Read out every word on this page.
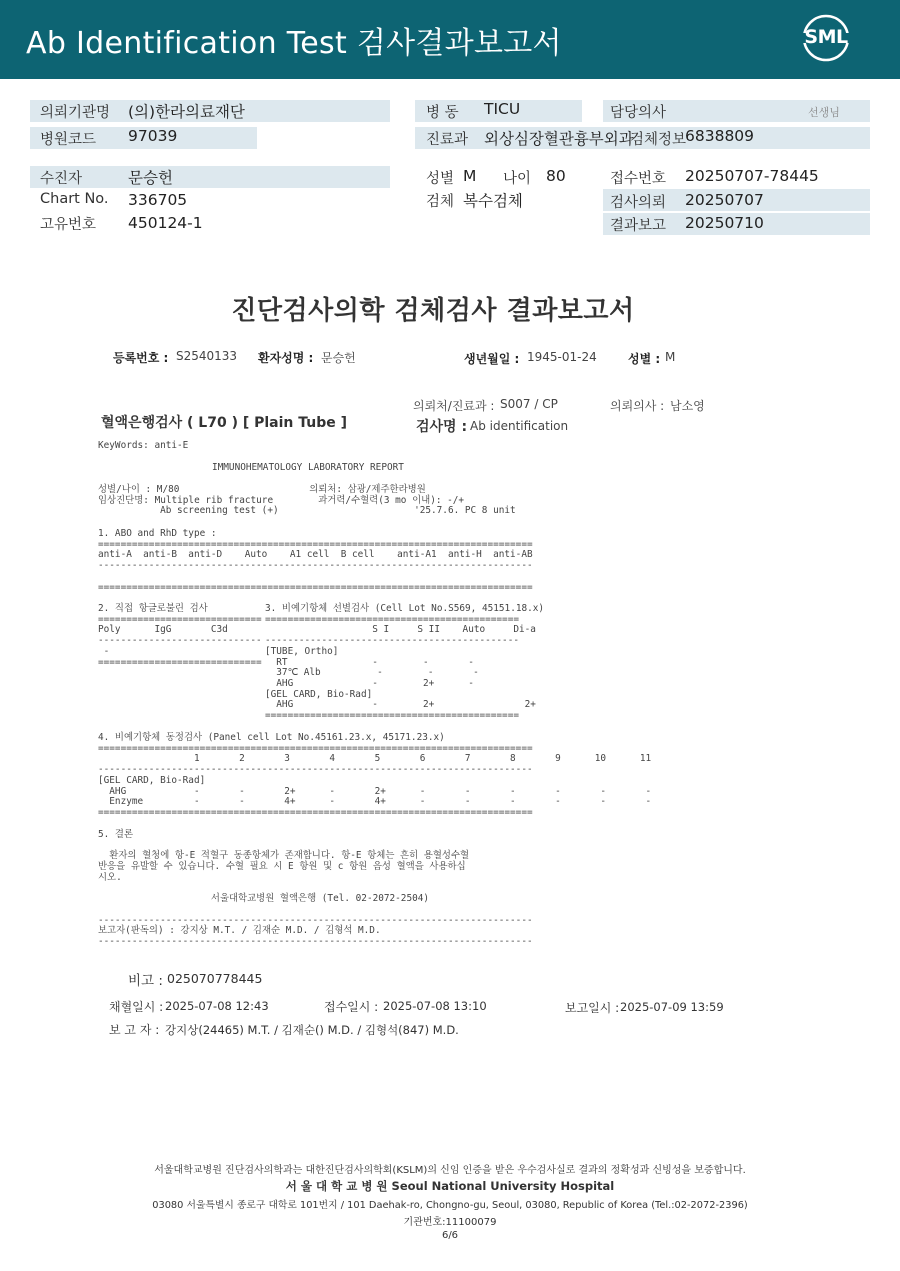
Ab Identification Test 검사결과보고서	SML
의뢰기관명 (의)한라의료재단
병원코드 97039
병 동 TICU
진료과 외상심장혈관흉부외과
담당의사	선생님
검체정보
6838809
수진자	문승헌
Chart No. 336705
고유번호 450124-1
성별 M 나이 80
검체 복수검체
접수번호 20250707-78445
검사의뢰 20250707
결과보고 20250710
진단검사의학 검체검사 결과보고서
등록번호 : S2540133 환자성명 : 문승헌	생년월일 : 1945-01-24	성별 : M
의뢰처/진료과 : S007 / CP	의뢰의사 : 남소영
혈액은행검사 ( L70 ) [ Plain Tube ]	검사명 : Ab identification
KeyWords: anti-E
IMMUNOHEMATOLOGY LABORATORY REPORT
성별/나이 : M/80                       의뢰처: 삼광/제주한라병원
임상진단명: Multiple rib fracture        과거력/수혈력(3 mo 이내): -/+
Ab screening test (+)                        '25.7.6. PC 8 unit
1. ABO and RhD type :
=============================================================================
anti-A  anti-B  anti-D    Auto    A1 cell  B cell    anti-A1  anti-H  anti-AB
-----------------------------------------------------------------------------

=============================================================================
2. 직접 항글로불린 검사
=============================
Poly      IgG       C3d
-----------------------------
-
=============================
3. 비예기항체 선별검사 (Cell Lot No.S569, 45151.18.x)
=============================================
S I     S II    Auto     Di-a
---------------------------------------------
[TUBE, Ortho]
RT               -        -       -
37℃ Alb          -        -       -
AHG              -        2+      -
[GEL CARD, Bio-Rad]
AHG              -        2+                2+
=============================================
4. 비예기항체 동정검사 (Panel cell Lot No.45161.23.x, 45171.23.x)
=============================================================================
1       2       3       4       5       6       7       8       9      10      11
-----------------------------------------------------------------------------
[GEL CARD, Bio-Rad]
AHG            -       -       2+      -       2+      -       -       -       -       -       -
Enzyme         -       -       4+      -       4+      -       -       -       -       -       -
=============================================================================
5. 결론

환자의 혈청에 항-E 적혈구 동종항체가 존재합니다. 항-E 항체는 흔히 용혈성수혈
반응을 유발할 수 있습니다. 수혈 필요 시 E 항원 및 c 항원 음성 혈액을 사용하십
시오.

서울대학교병원 혈액은행 (Tel. 02-2072-2504)

-----------------------------------------------------------------------------
보고자(판독의) : 강지상 M.T. / 김재순 M.D. / 김형석 M.D.
-----------------------------------------------------------------------------
비고 : 025070778445
채혈일시 : 2025-07-08 12:43	접수일시 : 2025-07-08 13:10	보고일시 : 2025-07-09 13:59
보 고 자 : 강지상(24465) M.T. / 김재순() M.D. / 김형석(847) M.D.
서울대학교병원 진단검사의학과는 대한진단검사의학회(KSLM)의 신임 인증을 받은 우수검사실로 결과의 정확성과 신빙성을 보증합니다.
서 울 대 학 교 병 원 Seoul National University Hospital
03080 서울특별시 종로구 대학로 101번지 / 101 Daehak-ro, Chongno-gu, Seoul, 03080, Republic of Korea (Tel.:02-2072-2396)
기관번호:11100079
6/6
